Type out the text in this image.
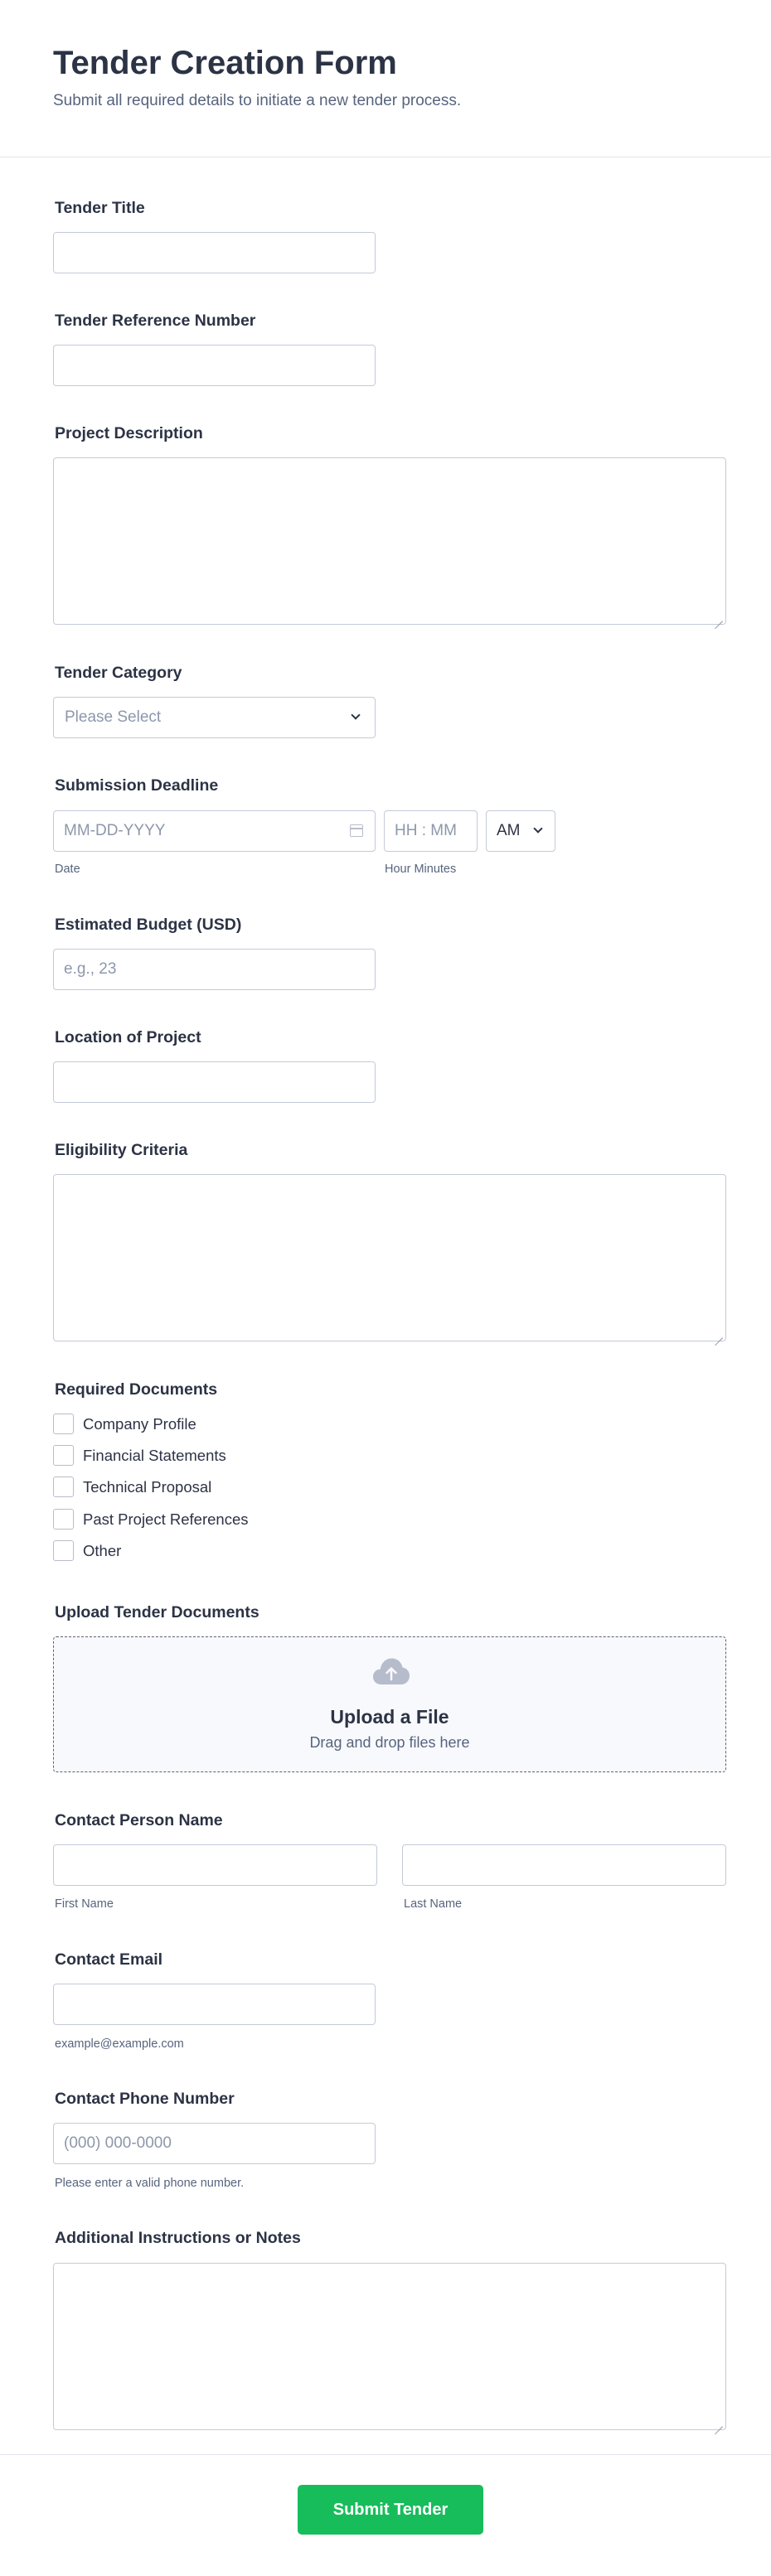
Tender Creation Form
Submit all required details to initiate a new tender process.
Tender Title
Tender Reference Number
Project Description
Tender Category
Please Select
Submission Deadline
MM-DD-YYYY
Date
HH : MM
Hour Minutes
AM
Estimated Budget (USD)
e.g., 23
Location of Project
Eligibility Criteria
Required Documents
Company Profile
Financial Statements
Technical Proposal
Past Project References
Other
Upload Tender Documents
Upload a File
Drag and drop files here
Contact Person Name
First Name	Last Name
Contact Email
example@example.com
Contact Phone Number
(000) 000-0000
Please enter a valid phone number.
Additional Instructions or Notes
Submit Tender
